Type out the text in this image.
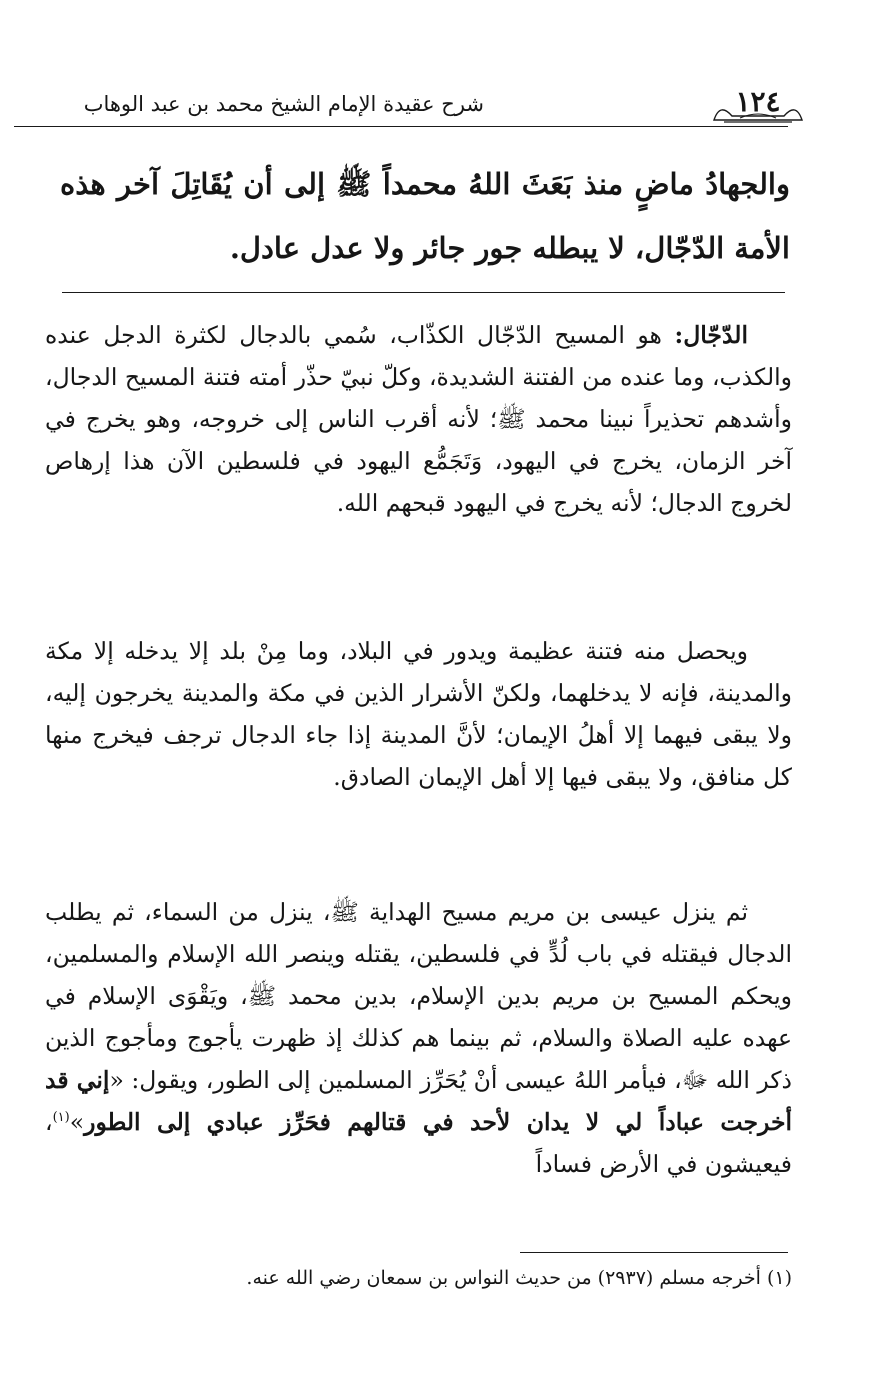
شرح عقيدة الإمام الشيخ محمد بن عبد الوهاب	١٢٤
والجهادُ ماضٍ منذ بَعَثَ اللهُ محمداً ﷺ إلى أن يُقَاتِلَ آخر هذه الأمة الدّجّال، لا يبطله جور جائر ولا عدل عادل.
الدّجّال: هو المسيح الدّجّال الكذّاب، سُمي بالدجال لكثرة الدجل عنده والكذب، وما عنده من الفتنة الشديدة، وكلّ نبيّ حذّر أمته فتنة المسيح الدجال، وأشدهم تحذيراً نبينا محمد ﷺ؛ لأنه أقرب الناس إلى خروجه، وهو يخرج في آخر الزمان، يخرج في اليهود، وَتَجَمُّع اليهود في فلسطين الآن هذا إرهاص لخروج الدجال؛ لأنه يخرج في اليهود قبحهم الله.
ويحصل منه فتنة عظيمة ويدور في البلاد، وما مِنْ بلد إلا يدخله إلا مكة والمدينة، فإنه لا يدخلهما، ولكنّ الأشرار الذين في مكة والمدينة يخرجون إليه، ولا يبقى فيهما إلا أهلُ الإيمان؛ لأنَّ المدينة إذا جاء الدجال ترجف فيخرج منها كل منافق، ولا يبقى فيها إلا أهل الإيمان الصادق.
ثم ينزل عيسى بن مريم مسيح الهداية ﷺ، ينزل من السماء، ثم يطلب الدجال فيقتله في باب لُدٍّ في فلسطين، يقتله وينصر الله الإسلام والمسلمين، ويحكم المسيح بن مريم بدين الإسلام، بدين محمد ﷺ، ويَقْوَى الإسلام في عهده عليه الصلاة والسلام، ثم بينما هم كذلك إذ ظهرت يأجوج ومأجوج الذين ذكر الله ﷻ، فيأمر اللهُ عيسى أنْ يُحَرِّز المسلمين إلى الطور، ويقول: «إني قد أخرجت عباداً لي لا يدان لأحد في قتالهم فحَرِّز عبادي إلى الطور»$^{(١)}$، فيعيشون في الأرض فساداً
(١) أخرجه مسلم (٢٩٣٧) من حديث النواس بن سمعان رضي الله عنه.
